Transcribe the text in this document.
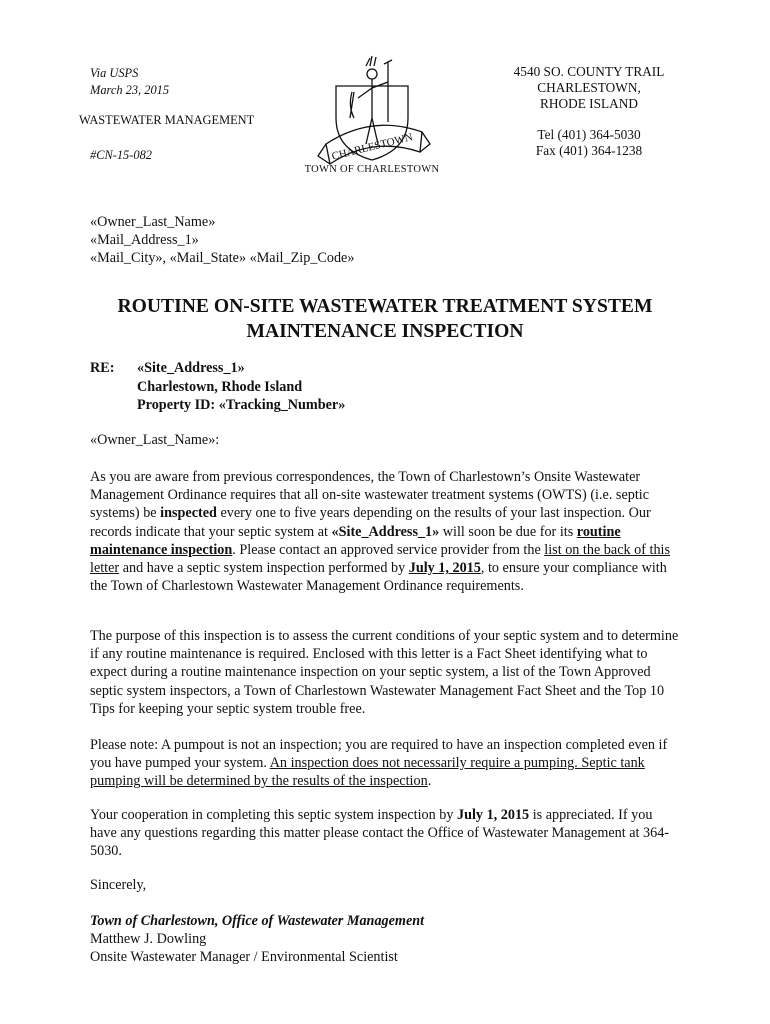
Via USPS
March 23, 2015
WASTEWATER MANAGEMENT
#CN-15-082	CHARLESTOWN
TOWN OF CHARLESTOWN
4540 SO. COUNTY TRAIL
CHARLESTOWN,
RHODE ISLAND
Tel (401) 364-5030
Fax (401) 364-1238
«Owner_Last_Name»
«Mail_Address_1»
«Mail_City», «Mail_State» «Mail_Zip_Code»
ROUTINE ON-SITE WASTEWATER TREATMENT SYSTEM
MAINTENANCE INSPECTION
RE: «Site_Address_1»
Charlestown, Rhode Island
Property ID: «Tracking_Number»
«Owner_Last_Name»:
As you are aware from previous correspondences, the Town of Charlestown’s Onsite Wastewater Management Ordinance requires that all on-site wastewater treatment systems (OWTS) (i.e. septic systems) be inspected every one to five years depending on the results of your last inspection. Our records indicate that your septic system at «Site_Address_1» will soon be due for its routine maintenance inspection. Please contact an approved service provider from the list on the back of this letter and have a septic system inspection performed by July 1, 2015, to ensure your compliance with the Town of Charlestown Wastewater Management Ordinance requirements.
The purpose of this inspection is to assess the current conditions of your septic system and to determine if any routine maintenance is required. Enclosed with this letter is a Fact Sheet identifying what to expect during a routine maintenance inspection on your septic system, a list of the Town Approved septic system inspectors, a Town of Charlestown Wastewater Management Fact Sheet and the Top 10 Tips for keeping your septic system trouble free.
Please note: A pumpout is not an inspection; you are required to have an inspection completed even if you have pumped your system. An inspection does not necessarily require a pumping. Septic tank pumping will be determined by the results of the inspection.
Your cooperation in completing this septic system inspection by July 1, 2015 is appreciated. If you have any questions regarding this matter please contact the Office of Wastewater Management at 364-5030.
Sincerely,
Town of Charlestown, Office of Wastewater Management
Matthew J. Dowling
Onsite Wastewater Manager / Environmental Scientist
